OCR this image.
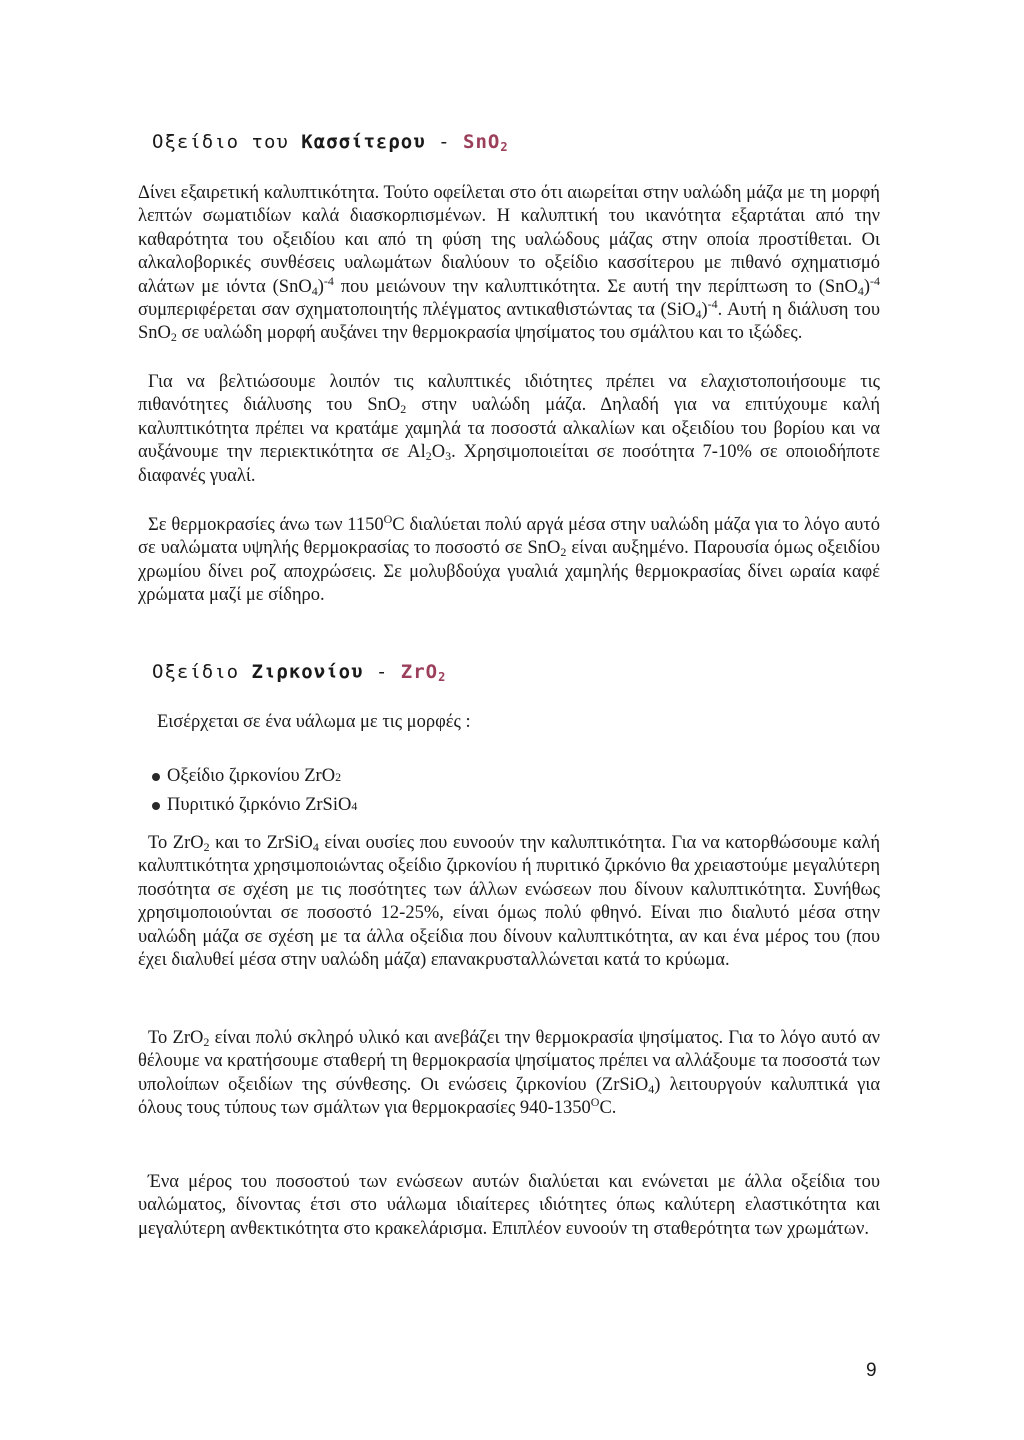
Οξείδιο του Κασσίτερου - SnO$_2$

Δίνει εξαιρετική καλυπτικότητα. Τούτο οφείλεται στο ότι αιωρείται στην υαλώδη μάζα με τη μορφή λεπτών σωματιδίων καλά διασκορπισμένων. Η καλυπτική του ικανότητα εξαρτάται από την καθαρότητα του οξειδίου και από τη φύση της υαλώδους μάζας στην οποία προστίθεται. Οι αλκαλοβορικές συνθέσεις υαλωμάτων διαλύουν το οξείδιο κασσίτερου με πιθανό σχηματισμό αλάτων με ιόντα $(SnO_4)^{-4}$ που μειώνουν την καλυπτικότητα. Σε αυτή την περίπτωση το $(SnO_4)^{-4}$ συμπεριφέρεται σαν σχηματοποιητής πλέγματος αντικαθιστώντας τα $(SiO_4)^{-4}$. Αυτή η διάλυση του SnO$_2$ σε υαλώδη μορφή αυξάνει την θερμοκρασία ψησίματος του σμάλτου και το ιξώδες.

Για να βελτιώσουμε λοιπόν τις καλυπτικές ιδιότητες πρέπει να ελαχιστοποιήσουμε τις πιθανότητες διάλυσης του SnO$_2$ στην υαλώδη μάζα. Δηλαδή για να επιτύχουμε καλή καλυπτικότητα πρέπει να κρατάμε χαμηλά τα ποσοστά αλκαλίων και οξειδίου του βορίου και να αυξάνουμε την περιεκτικότητα σε $Al_2O_3$. Χρησιμοποιείται σε ποσότητα 7-10% σε οποιοδήποτε διαφανές γυαλί.

Σε θερμοκρασίες άνω των $1150^OC$ διαλύεται πολύ αργά μέσα στην υαλώδη μάζα για το λόγο αυτό σε υαλώματα υψηλής θερμοκρασίας το ποσοστό σε SnO$_2$ είναι αυξημένο. Παρουσία όμως οξειδίου χρωμίου δίνει ροζ αποχρώσεις. Σε μολυβδούχα γυαλιά χαμηλής θερμοκρασίας δίνει ωραία καφέ χρώματα μαζί με σίδηρο.

Οξείδιο Ζιρκονίου - ZrO$_2$

Εισέρχεται σε ένα υάλωμα με τις μορφές :

Οξείδιο ζιρκονίου ZrO 2
Πυριτικό ζιρκόνιο ZrSiO 4

Το ZrO$_2$ και το ZrSiO$_4$ είναι ουσίες που ευνοούν την καλυπτικότητα. Για να κατορθώσουμε καλή καλυπτικότητα χρησιμοποιώντας οξείδιο ζιρκονίου ή πυριτικό ζιρκόνιο θα χρειαστούμε μεγαλύτερη ποσότητα σε σχέση με τις ποσότητες των άλλων ενώσεων που δίνουν καλυπτικότητα. Συνήθως χρησιμοποιούνται σε ποσοστό 12-25%, είναι όμως πολύ φθηνό. Είναι πιο διαλυτό μέσα στην υαλώδη μάζα σε σχέση με τα άλλα οξείδια που δίνουν καλυπτικότητα, αν και ένα μέρος του (που έχει διαλυθεί μέσα στην υαλώδη μάζα) επανακρυσταλλώνεται κατά το κρύωμα.

Το ZrO$_2$ είναι πολύ σκληρό υλικό και ανεβάζει την θερμοκρασία ψησίματος. Για το λόγο αυτό αν θέλουμε να κρατήσουμε σταθερή τη θερμοκρασία ψησίματος πρέπει να αλλάξουμε τα ποσοστά των υπολοίπων οξειδίων της σύνθεσης. Οι ενώσεις ζιρκονίου (ZrSiO$_4$) λειτουργούν καλυπτικά για όλους τους τύπους των σμάλτων για θερμοκρασίες $940-1350^OC$.

Ένα μέρος του ποσοστού των ενώσεων αυτών διαλύεται και ενώνεται με άλλα οξείδια του υαλώματος, δίνοντας έτσι στο υάλωμα ιδιαίτερες ιδιότητες όπως καλύτερη ελαστικότητα και μεγαλύτερη ανθεκτικότητα στο κρακελάρισμα. Επιπλέον ευνοούν τη σταθερότητα των χρωμάτων.

9
